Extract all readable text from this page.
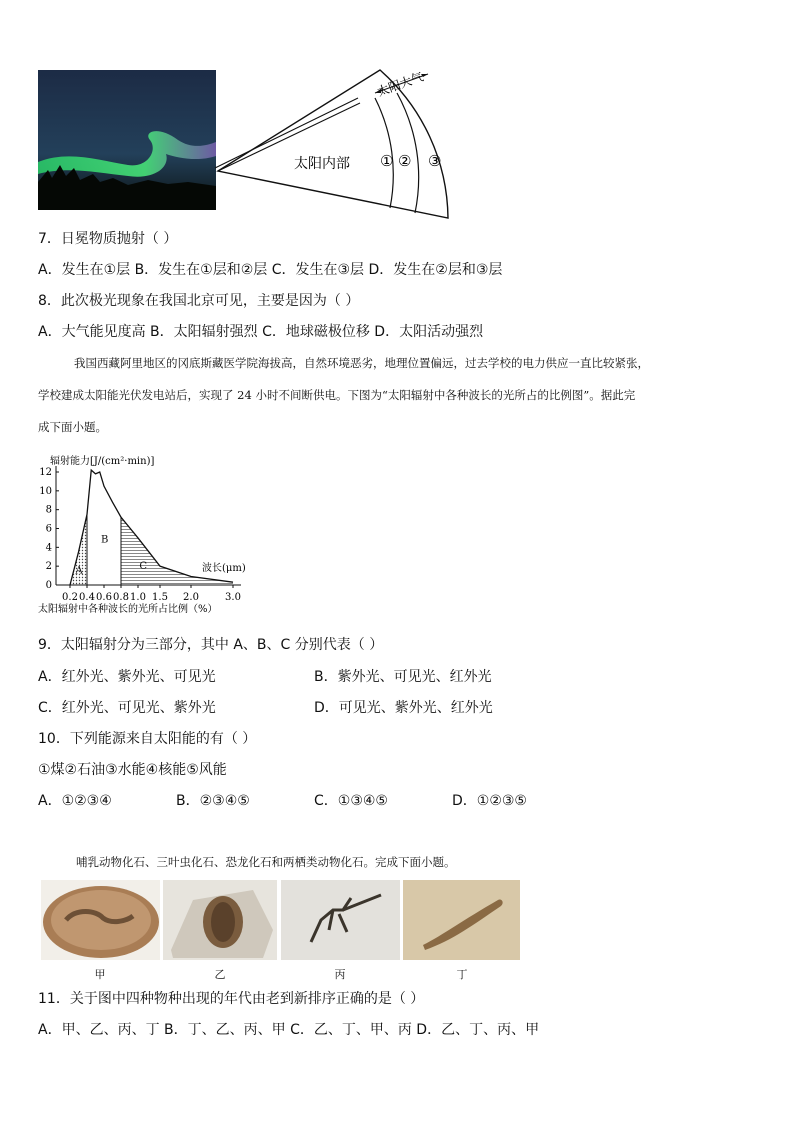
太阳内部
太阳大气
① ② ③
7．日冕物质抛射（ ）
A．发生在①层 B．发生在①层和②层 C．发生在③层 D．发生在②层和③层
8．此次极光现象在我国北京可见，主要是因为（ ）
A．大气能见度高 B．太阳辐射强烈 C．地球磁极位移 D．太阳活动强烈
我国西藏阿里地区的冈底斯藏医学院海拔高，自然环境恶劣，地理位置偏远，过去学校的电力供应一直比较紧张，
学校建成太阳能光伏发电站后，实现了 24 小时不间断供电。下图为“太阳辐射中各种波长的光所占的比例图”。据此完
成下面小题。
辐射能力[J/(cm²·min)]
0
2
4
6
8
10
12
0.2 0.4 0.6 0.8 1.0 1.5 2.0	3.0
A
B
C	波长(μm)
太阳辐射中各种波长的光所占比例（%）
9．太阳辐射分为三部分，其中 A、B、C 分别代表（ ）
A．红外光、紫外光、可见光	B．紫外光、可见光、红外光
C．红外光、可见光、紫外光	D．可见光、紫外光、红外光
10．下列能源来自太阳能的有（ ）
①煤②石油③水能④核能⑤风能
A．①②③④	B．②③④⑤	C．①③④⑤	D．①②③⑤
哺乳动物化石、三叶虫化石、恐龙化石和两栖类动物化石。完成下面小题。
甲	乙	丙	丁
11．关于图中四种物种出现的年代由老到新排序正确的是（ ）
A．甲、乙、丙、丁 B．丁、乙、丙、甲 C．乙、丁、甲、丙 D．乙、丁、丙、甲
